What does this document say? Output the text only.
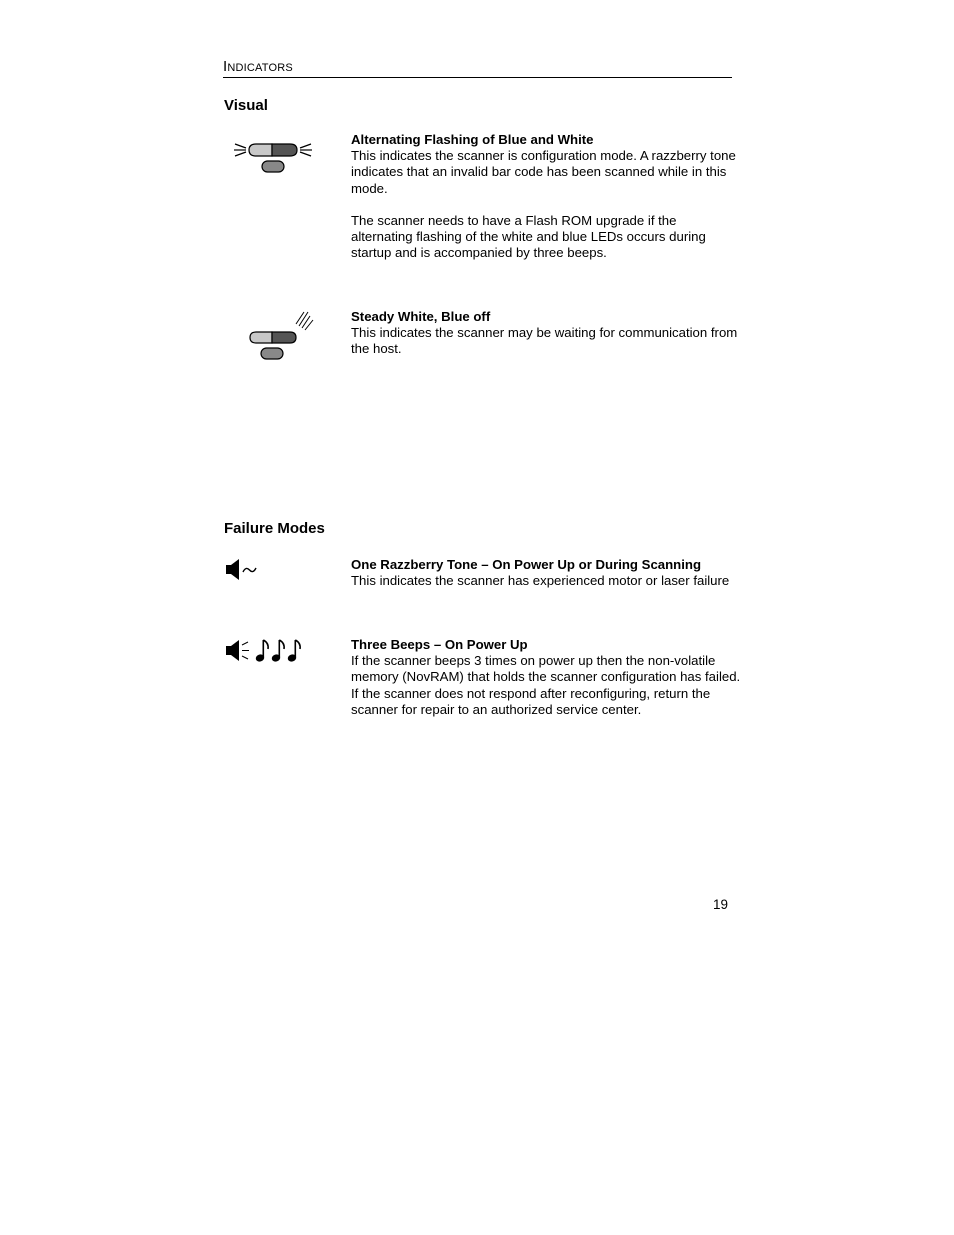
Indicators
Visual
Alternating Flashing of Blue and White
This indicates the scanner is configuration mode. A razzberry tone indicates that an invalid bar code has been scanned while in this mode.
The scanner needs to have a Flash ROM upgrade if the alternating flashing of the white and blue LEDs occurs during startup and is accompanied by three beeps.
Steady White, Blue off
This indicates the scanner may be waiting for communication from the host.
Failure Modes
One Razzberry Tone – On Power Up or During Scanning
This indicates the scanner has experienced motor or laser failure
Three Beeps – On Power Up
If the scanner beeps 3 times on power up then the non-volatile memory (NovRAM) that holds the scanner configuration has failed. If the scanner does not respond after reconfiguring, return the scanner for repair to an authorized service center.
19
